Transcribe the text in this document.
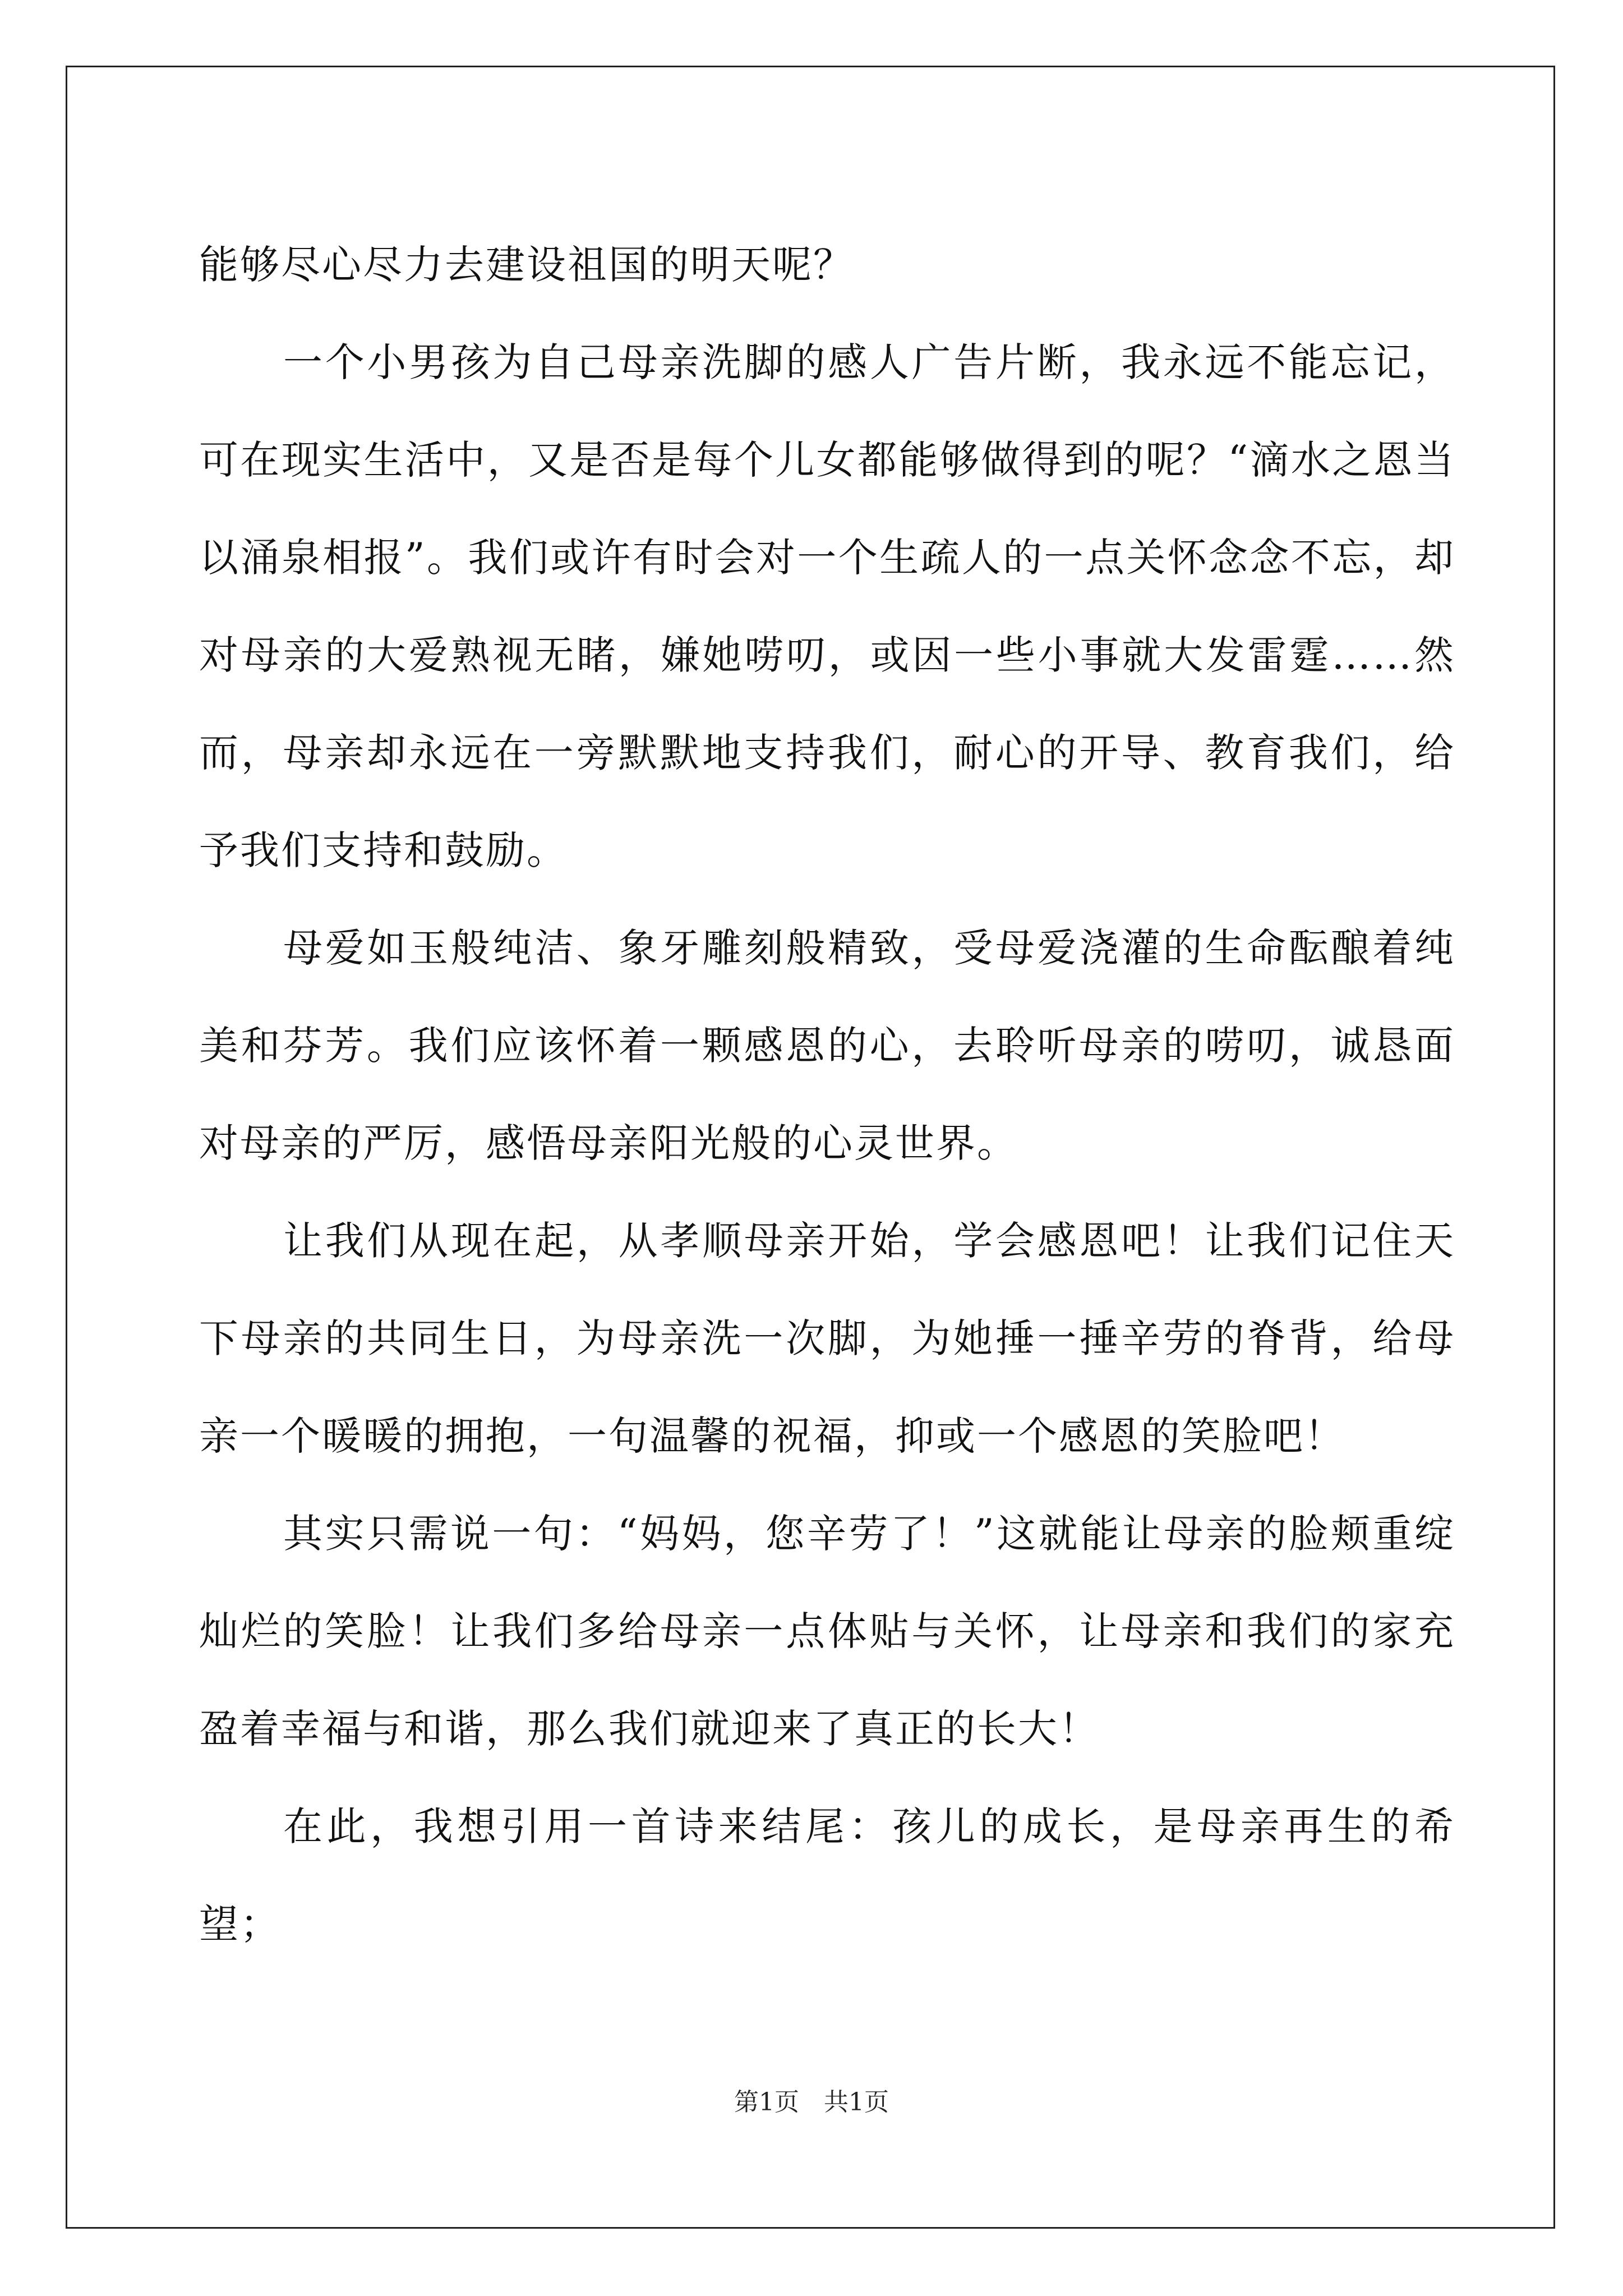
能够尽心尽力去建设祖国的明天呢？

一个小男孩为自己母亲洗脚的感人广告片断，我永远不能忘记，可在现实生活中，又是否是每个儿女都能够做得到的呢？“滴水之恩当以涌泉相报”。我们或许有时会对一个生疏人的一点关怀念念不忘，却对母亲的大爱熟视无睹，嫌她唠叨，或因一些小事就大发雷霆……然而，母亲却永远在一旁默默地支持我们，耐心的开导、教育我们，给予我们支持和鼓励。

母爱如玉般纯洁、象牙雕刻般精致，受母爱浇灌的生命酝酿着纯美和芬芳。我们应该怀着一颗感恩的心，去聆听母亲的唠叨，诚恳面对母亲的严厉，感悟母亲阳光般的心灵世界。

让我们从现在起，从孝顺母亲开始，学会感恩吧！让我们记住天下母亲的共同生日，为母亲洗一次脚，为她捶一捶辛劳的脊背，给母亲一个暖暖的拥抱，一句温馨的祝福，抑或一个感恩的笑脸吧！

其实只需说一句：“妈妈，您辛劳了！”这就能让母亲的脸颊重绽灿烂的笑脸！让我们多给母亲一点体贴与关怀，让母亲和我们的家充盈着幸福与和谐，那么我们就迎来了真正的长大！

在此，我想引用一首诗来结尾：孩儿的成长，是母亲再生的希望；

第1页　共1页
